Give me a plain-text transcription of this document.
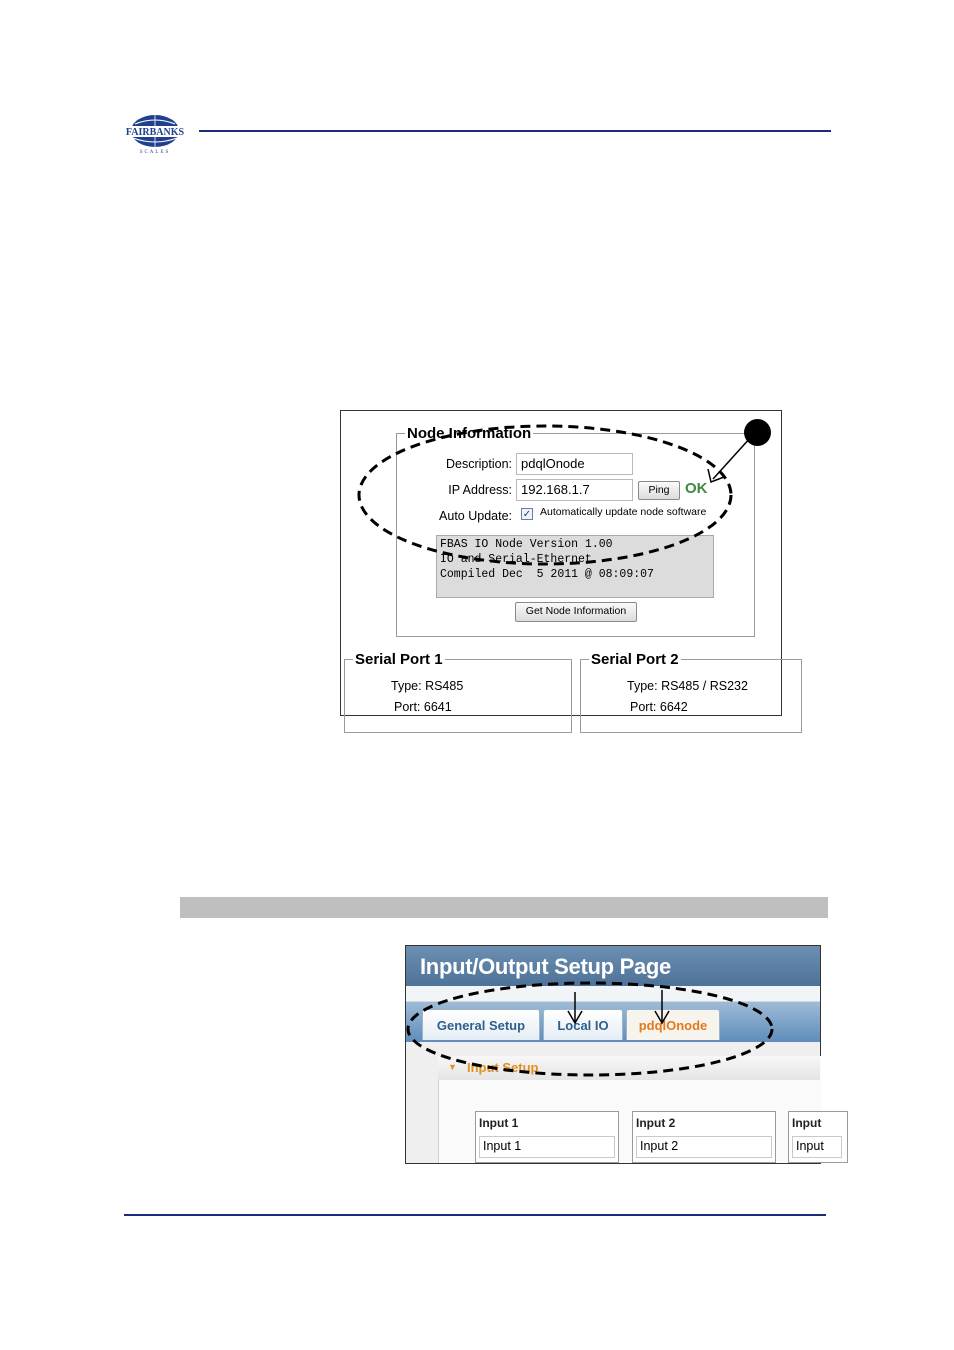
FAIRBANKS
SCALES
Node Information
Description: pdqlOnode
IP Address: 192.168.1.7	Ping	OK
Auto Update: ✓ Automatically update node software
FBAS IO Node Version 1.00
IO and Serial-Ethernet
Compiled Dec  5 2011 @ 08:09:07
Get Node Information
Serial Port 1
Type: RS485
Port: 6641
Serial Port 2
Type: RS485 / RS232
Port: 6642
Input/Output Setup Page
General Setup	Local IO	pdqlOnode
▼ Input Setup
Input 1
Input 1
Input 2
Input 2
Input
Input
